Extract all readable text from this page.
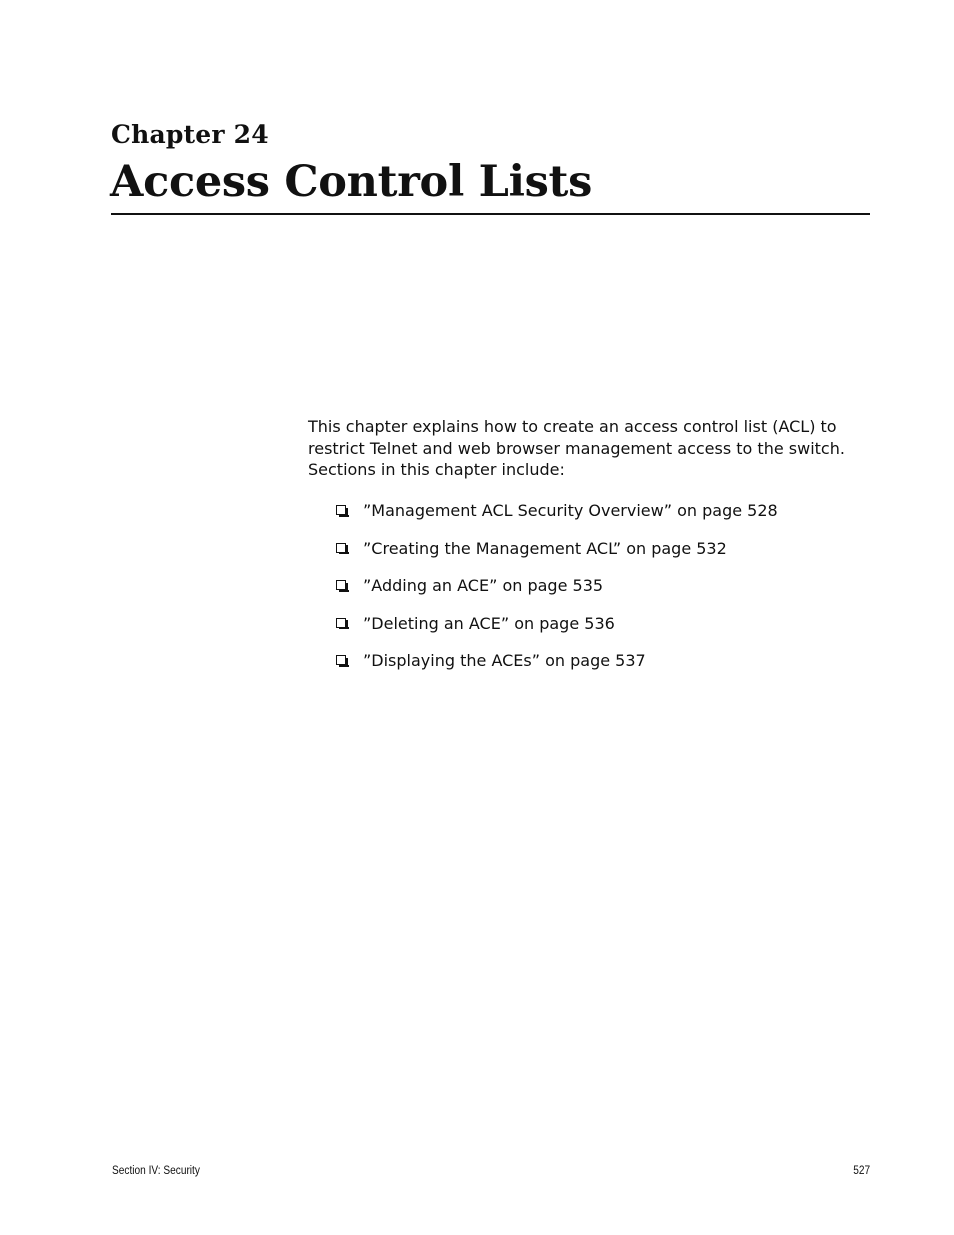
Chapter 24
Access Control Lists

This chapter explains how to create an access control list (ACL) to restrict Telnet and web browser management access to the switch. Sections in this chapter include:

”Management ACL Security Overview” on page 528
”Creating the Management ACL” on page 532
”Adding an ACE” on page 535
”Deleting an ACE” on page 536
”Displaying the ACEs” on page 537
Section IV: Security	527
